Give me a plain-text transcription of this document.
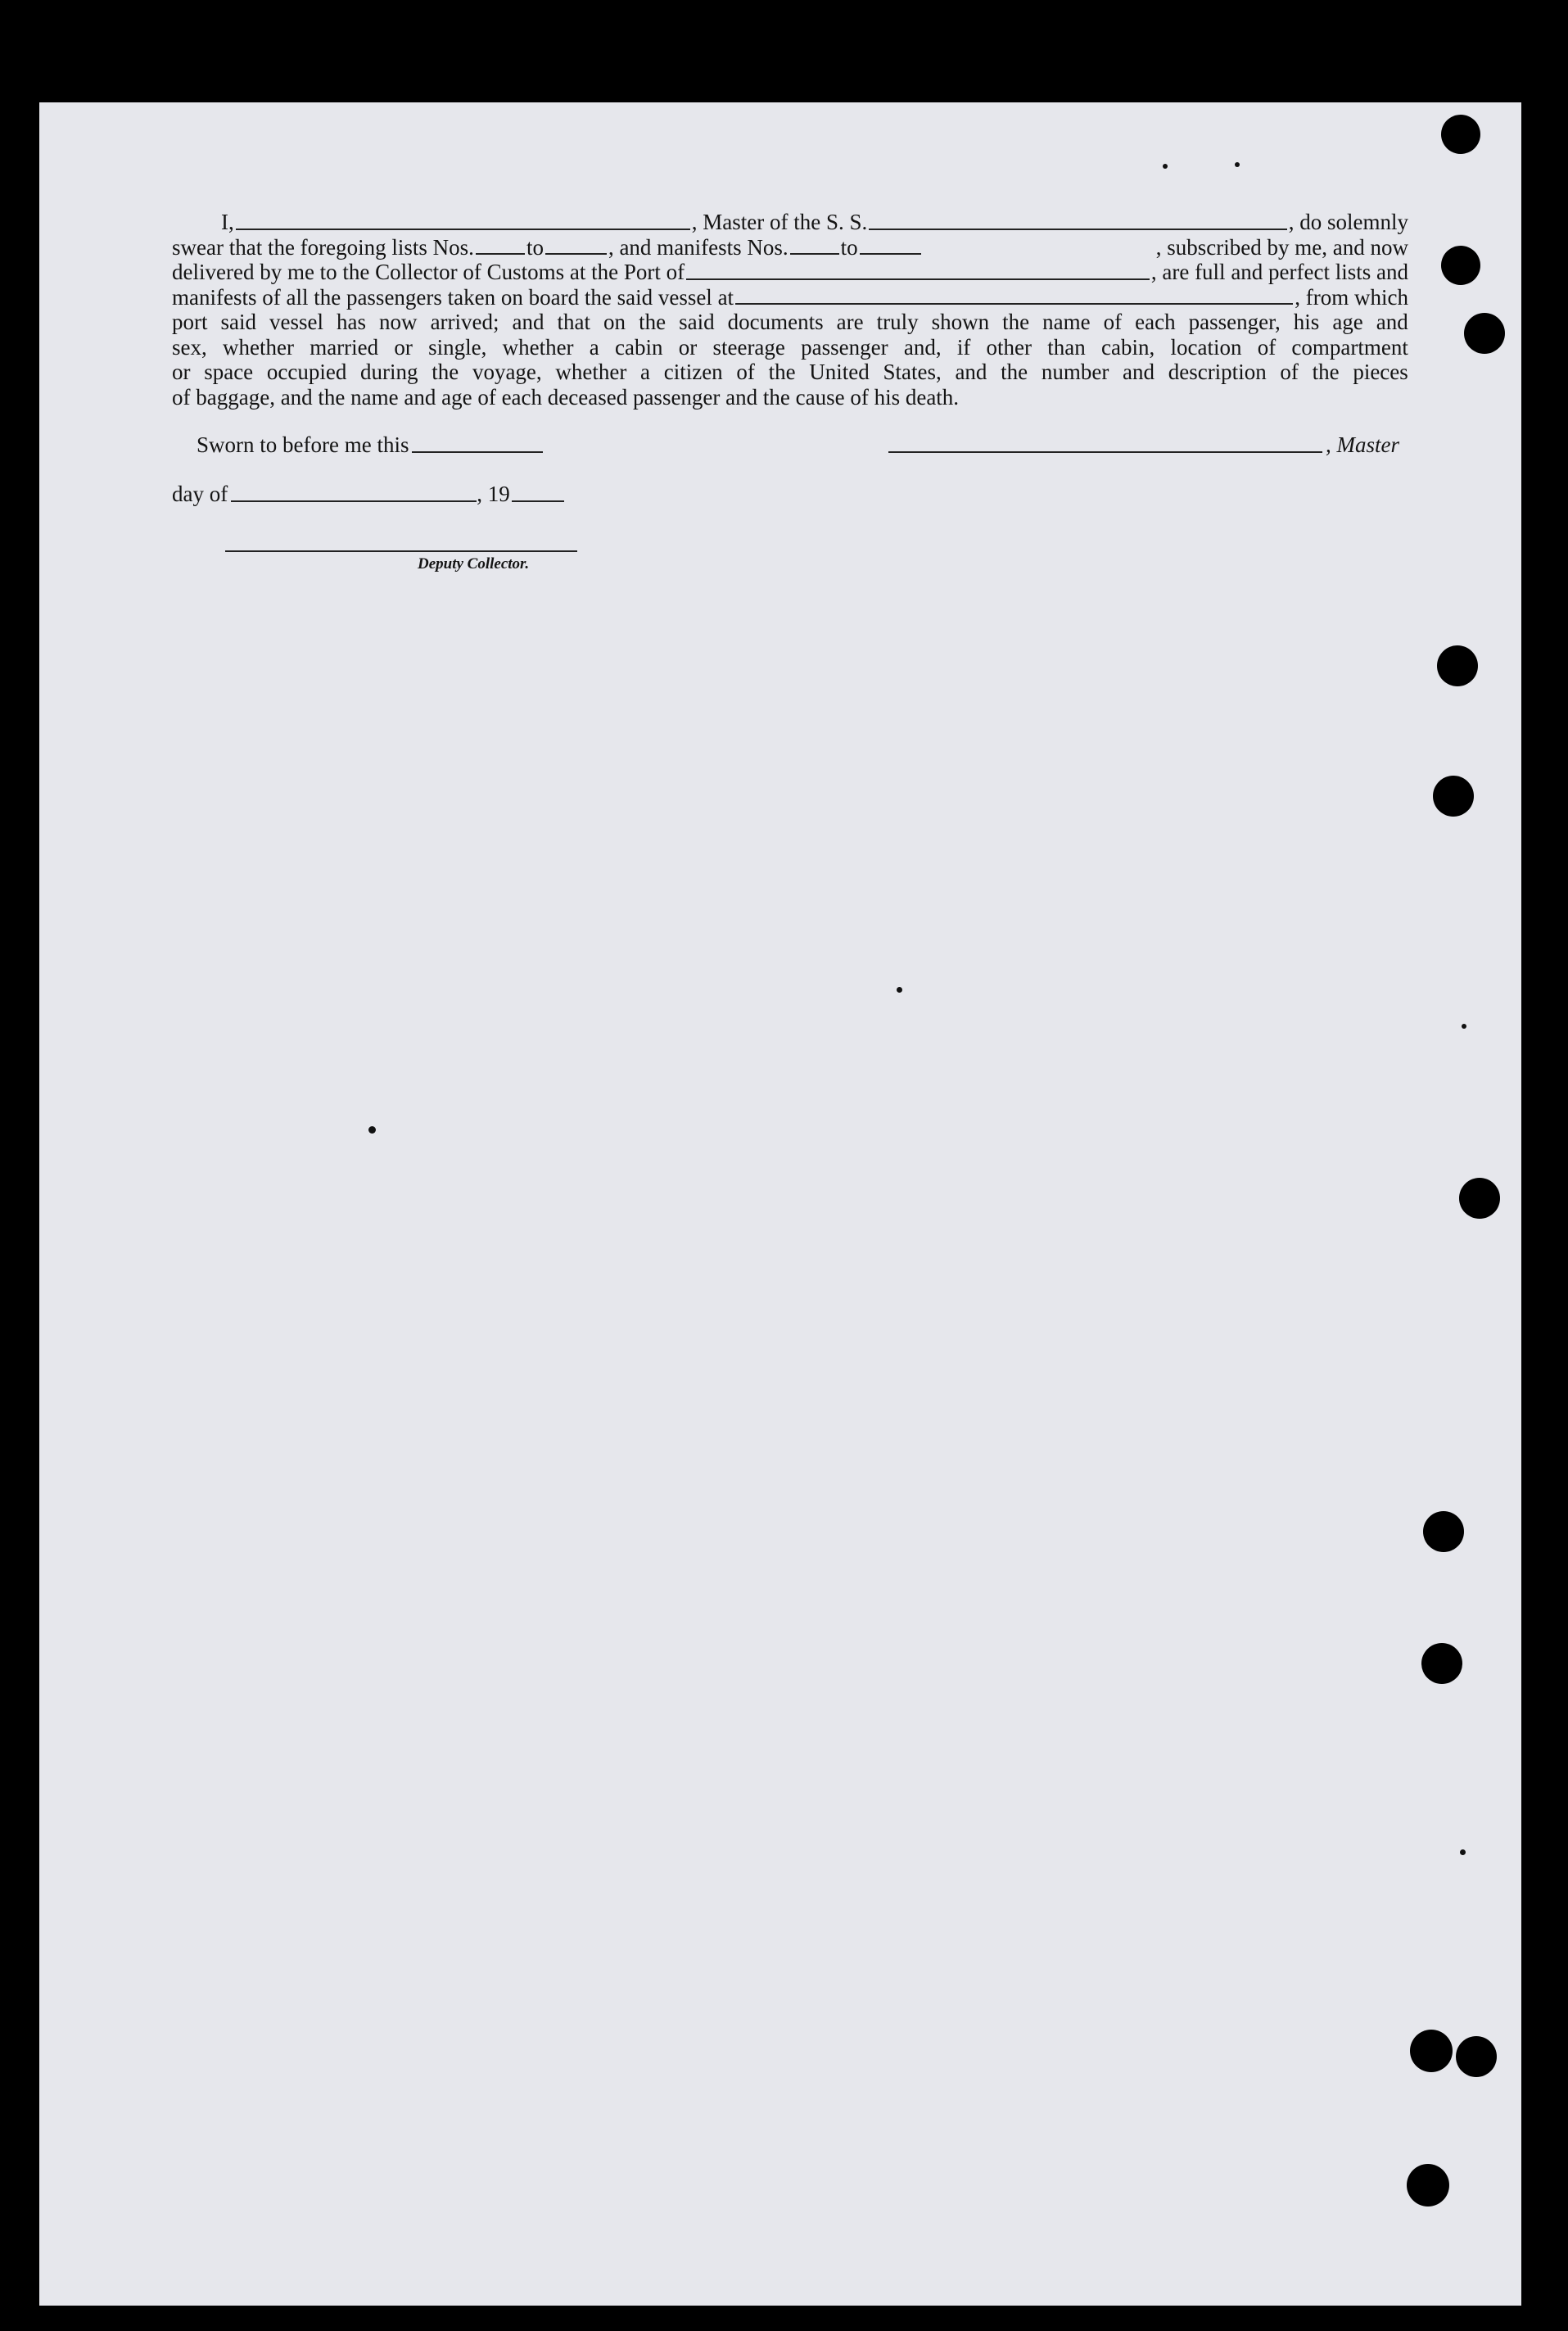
I,	, Master of the S. S.	, do solemnly
swear that the foregoing lists Nos. to	, and manifests Nos. to	, subscribed by me, and now
delivered by me to the Collector of Customs at the Port of	, are full and perfect lists and
manifests of all the passengers taken on board the said vessel at	, from which
port said vessel has now arrived; and that on the said documents are truly shown the name of each passenger, his age and
sex, whether married or single, whether a cabin or steerage passenger and, if other than cabin, location of compartment
or space occupied during the voyage, whether a citizen of the United States, and the number and description of the pieces
of baggage, and the name and age of each deceased passenger and the cause of his death.
Sworn to before me this	, Master
day of	, 19
Deputy Collector.
